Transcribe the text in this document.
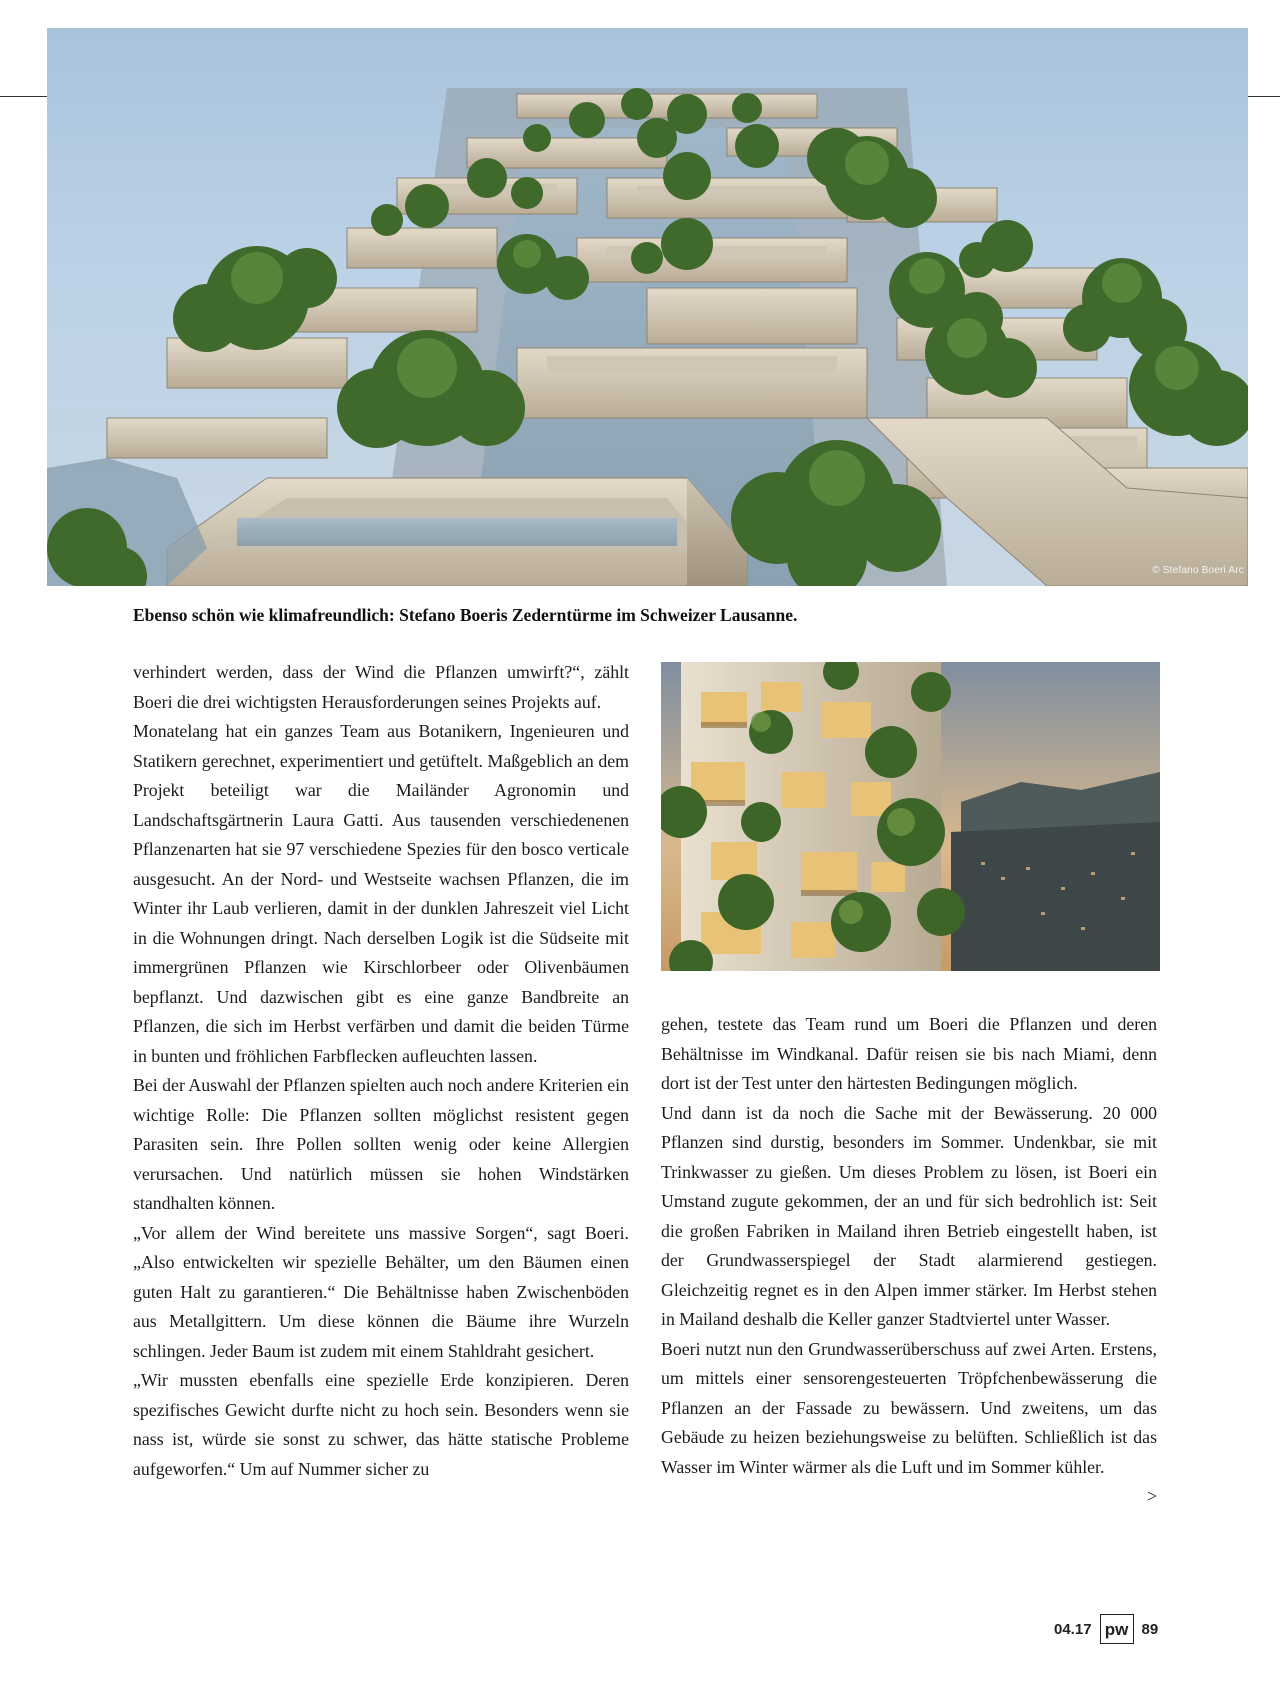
© Stefano Boeri Arc
Ebenso schön wie klimafreundlich: Stefano Boeris Zederntürme im Schweizer Lausanne.

verhindert werden, dass der Wind die Pflanzen umwirft?“, zählt Boeri die drei wichtigsten Herausforderungen seines Projekts auf.

Monatelang hat ein ganzes Team aus Botanikern, Ingenieuren und Statikern gerechnet, experimentiert und getüftelt. Maßgeblich an dem Projekt beteiligt war die Mailänder Agronomin und Landschaftsgärtnerin Laura Gatti. Aus tausenden verschiedenenen Pflanzenarten hat sie 97 verschiedene Spezies für den bosco verticale ausgesucht. An der Nord- und Westseite wachsen Pflanzen, die im Winter ihr Laub verlieren, damit in der dunklen Jahreszeit viel Licht in die Wohnungen dringt. Nach derselben Logik ist die Südseite mit immergrünen Pflanzen wie Kirschlorbeer oder Olivenbäumen bepflanzt. Und dazwischen gibt es eine ganze Bandbreite an Pflanzen, die sich im Herbst verfärben und damit die beiden Türme in bunten und fröhlichen Farbflecken aufleuchten lassen.

Bei der Auswahl der Pflanzen spielten auch noch andere Kriterien ein wichtige Rolle: Die Pflanzen sollten möglichst resistent gegen Parasiten sein. Ihre Pollen sollten wenig oder keine Allergien verursachen. Und natürlich müssen sie hohen Windstärken standhalten können.

„Vor allem der Wind bereitete uns massive Sorgen“, sagt Boeri. „Also entwickelten wir spezielle Behälter, um den Bäumen einen guten Halt zu garantieren.“ Die Behältnisse haben Zwischenböden aus Metallgittern. Um diese können die Bäume ihre Wurzeln schlingen. Jeder Baum ist zudem mit einem Stahldraht gesichert.

„Wir mussten ebenfalls eine spezielle Erde konzipieren. Deren spezifisches Gewicht durfte nicht zu hoch sein. Besonders wenn sie nass ist, würde sie sonst zu schwer, das hätte statische Probleme aufgeworfen.“ Um auf Nummer sicher zu

gehen, testete das Team rund um Boeri die Pflanzen und deren Behältnisse im Windkanal. Dafür reisen sie bis nach Miami, denn dort ist der Test unter den härtesten Bedingungen möglich.

Und dann ist da noch die Sache mit der Bewässerung. 20 000 Pflanzen sind durstig, besonders im Sommer. Undenkbar, sie mit Trinkwasser zu gießen. Um dieses Problem zu lösen, ist Boeri ein Umstand zugute gekommen, der an und für sich bedrohlich ist: Seit die großen Fabriken in Mailand ihren Betrieb eingestellt haben, ist der Grundwasserspiegel der Stadt alarmierend gestiegen. Gleichzeitig regnet es in den Alpen immer stärker. Im Herbst stehen in Mailand deshalb die Keller ganzer Stadtviertel unter Wasser.

Boeri nutzt nun den Grundwasserüberschuss auf zwei Arten. Erstens, um mittels einer sensorengesteuerten Tröpfchenbewässerung die Pflanzen an der Fassade zu bewässern. Und zweitens, um das Gebäude zu heizen beziehungsweise zu belüften. Schließlich ist das Wasser im Winter wärmer als die Luft und im Sommer kühler.

>

04.17 pw 89
